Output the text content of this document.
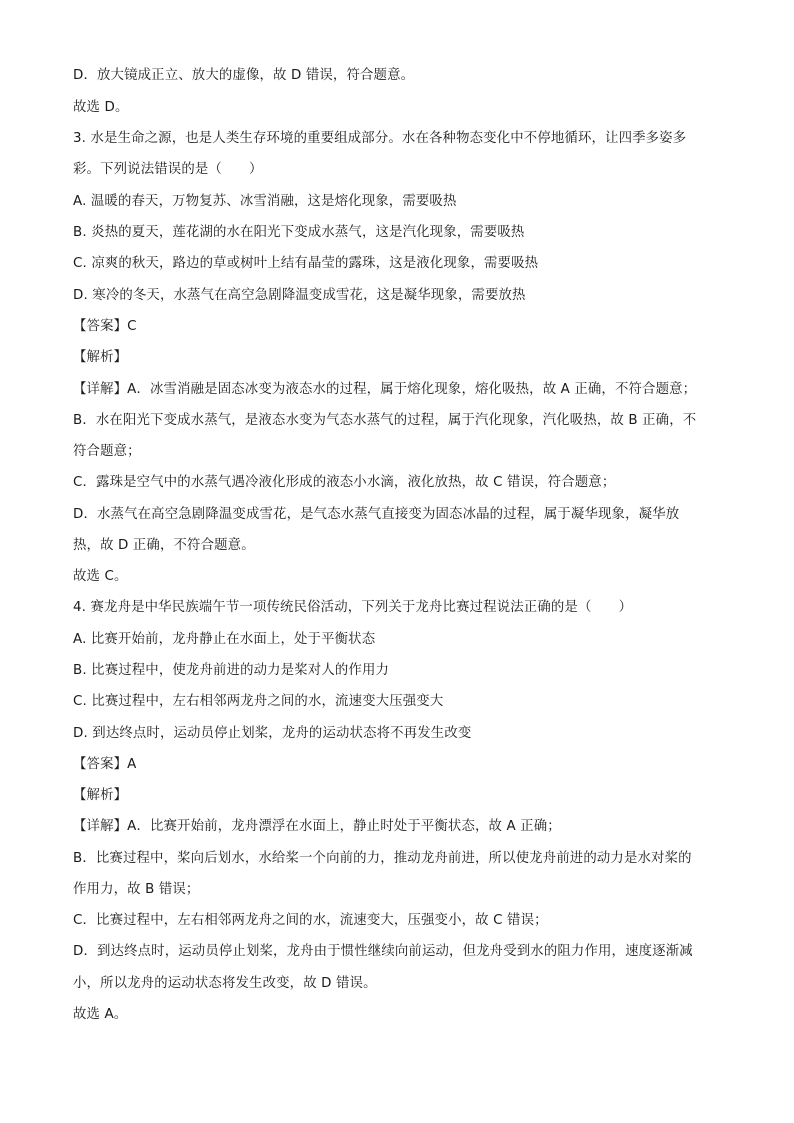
D．放大镜成正立、放大的虚像，故 D 错误，符合题意。
故选 D。
3. 水是生命之源，也是人类生存环境的重要组成部分。水在各种物态变化中不停地循环，让四季多姿多
彩。下列说法错误的是（　　）
A. 温暖的春天，万物复苏、冰雪消融，这是熔化现象，需要吸热
B. 炎热的夏天，莲花湖的水在阳光下变成水蒸气，这是汽化现象，需要吸热
C. 凉爽的秋天，路边的草或树叶上结有晶莹的露珠，这是液化现象，需要吸热
D. 寒冷的冬天，水蒸气在高空急剧降温变成雪花，这是凝华现象，需要放热
【答案】C
【解析】
【详解】A．冰雪消融是固态冰变为液态水的过程，属于熔化现象，熔化吸热，故 A 正确，不符合题意；
B．水在阳光下变成水蒸气，是液态水变为气态水蒸气的过程，属于汽化现象，汽化吸热，故 B 正确，不
符合题意；
C．露珠是空气中的水蒸气遇冷液化形成的液态小水滴，液化放热，故 C 错误，符合题意；
D．水蒸气在高空急剧降温变成雪花，是气态水蒸气直接变为固态冰晶的过程，属于凝华现象，凝华放
热，故 D 正确，不符合题意。
故选 C。
4. 赛龙舟是中华民族端午节一项传统民俗活动，下列关于龙舟比赛过程说法正确的是（　　）
A. 比赛开始前，龙舟静止在水面上，处于平衡状态
B. 比赛过程中，使龙舟前进的动力是桨对人的作用力
C. 比赛过程中，左右相邻两龙舟之间的水，流速变大压强变大
D. 到达终点时，运动员停止划桨，龙舟的运动状态将不再发生改变
【答案】A
【解析】
【详解】A．比赛开始前，龙舟漂浮在水面上，静止时处于平衡状态，故 A 正确；
B．比赛过程中，桨向后划水，水给桨一个向前的力，推动龙舟前进，所以使龙舟前进的动力是水对桨的
作用力，故 B 错误；
C．比赛过程中，左右相邻两龙舟之间的水，流速变大，压强变小，故 C 错误；
D．到达终点时，运动员停止划桨，龙舟由于惯性继续向前运动，但龙舟受到水的阻力作用，速度逐渐减
小，所以龙舟的运动状态将发生改变，故 D 错误。
故选 A。
